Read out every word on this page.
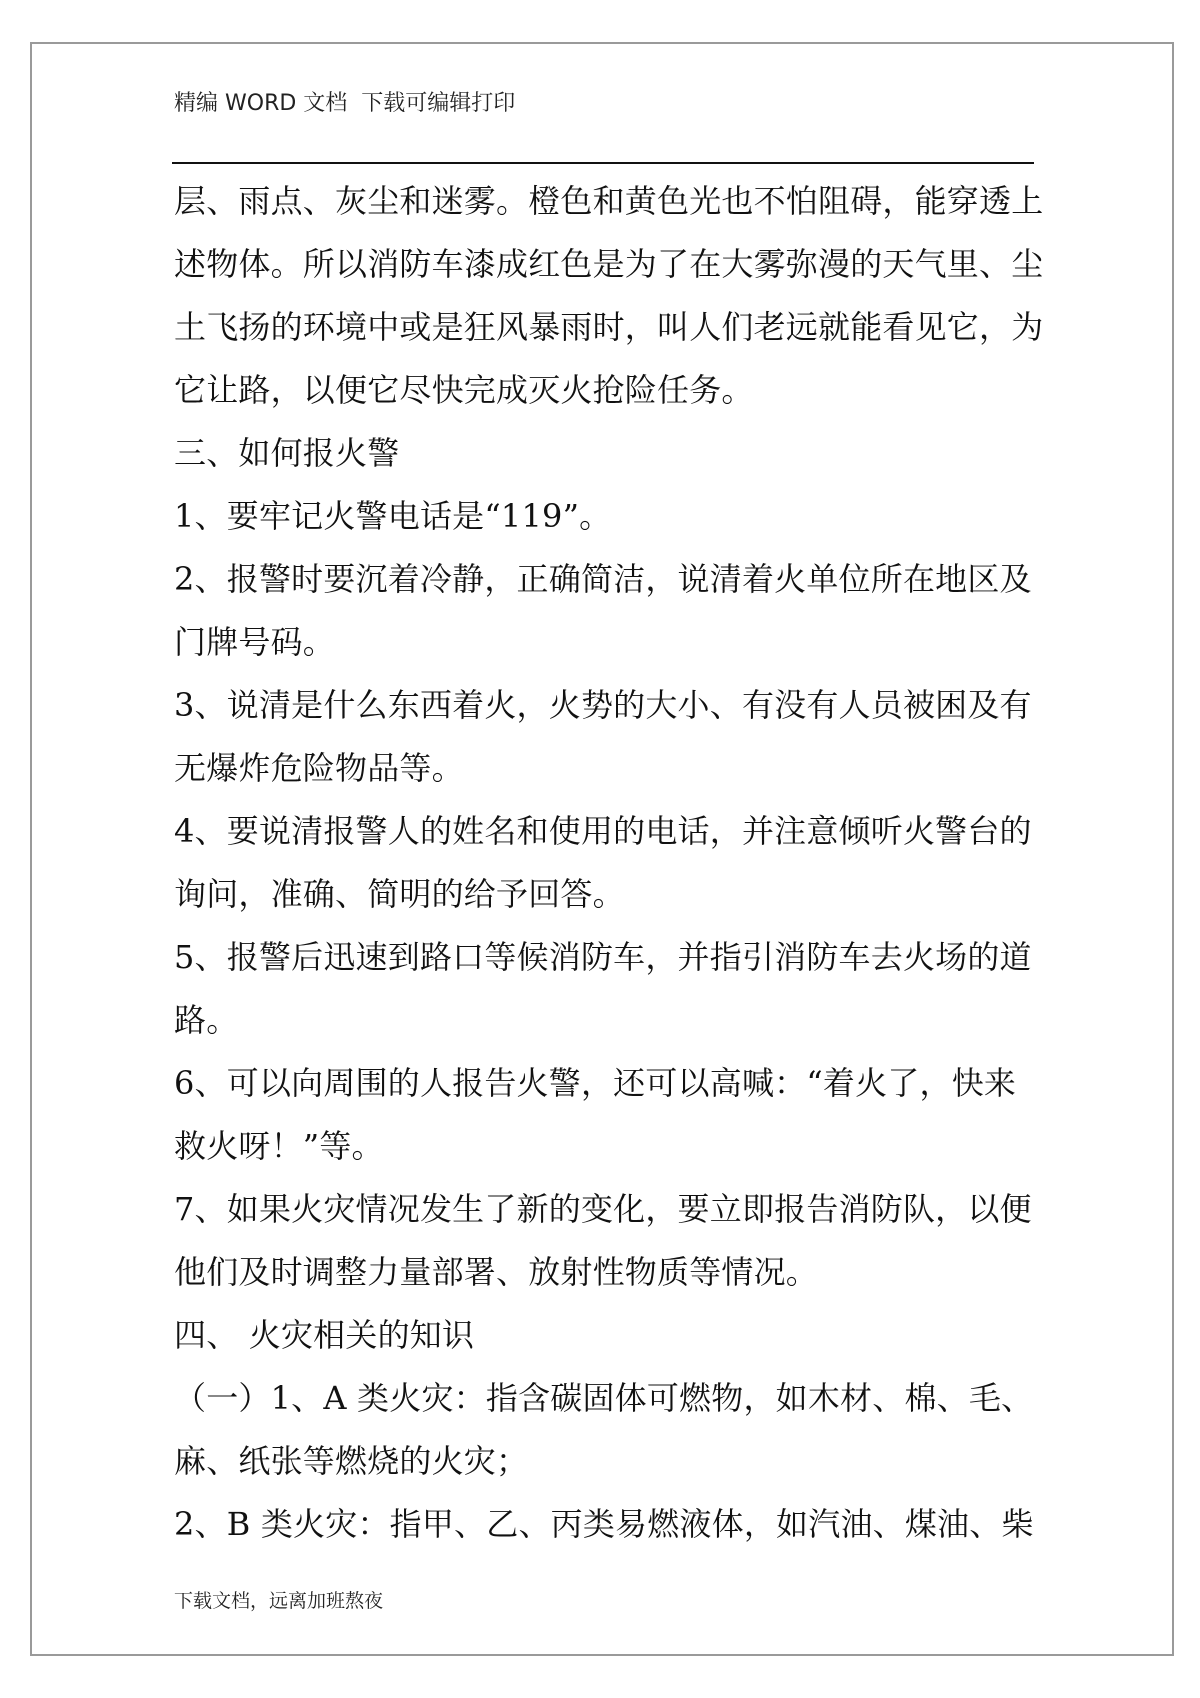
精编 WORD 文档  下载可编辑打印
层、雨点、灰尘和迷雾。橙色和黄色光也不怕阻碍，能穿透上
述物体。所以消防车漆成红色是为了在大雾弥漫的天气里、尘
土飞扬的环境中或是狂风暴雨时，叫人们老远就能看见它，为
它让路，以便它尽快完成灭火抢险任务。
三、如何报火警
1、要牢记火警电话是“119”。
2、报警时要沉着冷静，正确简洁，说清着火单位所在地区及
门牌号码。
3、说清是什么东西着火，火势的大小、有没有人员被困及有
无爆炸危险物品等。
4、要说清报警人的姓名和使用的电话，并注意倾听火警台的
询问，准确、简明的给予回答。
5、报警后迅速到路口等候消防车，并指引消防车去火场的道
路。
6、可以向周围的人报告火警，还可以高喊：“着火了，快来
救火呀！”等。
7、如果火灾情况发生了新的变化，要立即报告消防队，以便
他们及时调整力量部署、放射性物质等情况。
四、 火灾相关的知识
（一）1、A 类火灾：指含碳固体可燃物，如木材、棉、毛、
麻、纸张等燃烧的火灾；
2、B 类火灾：指甲、乙、丙类易燃液体，如汽油、煤油、柴
下载文档，远离加班熬夜
